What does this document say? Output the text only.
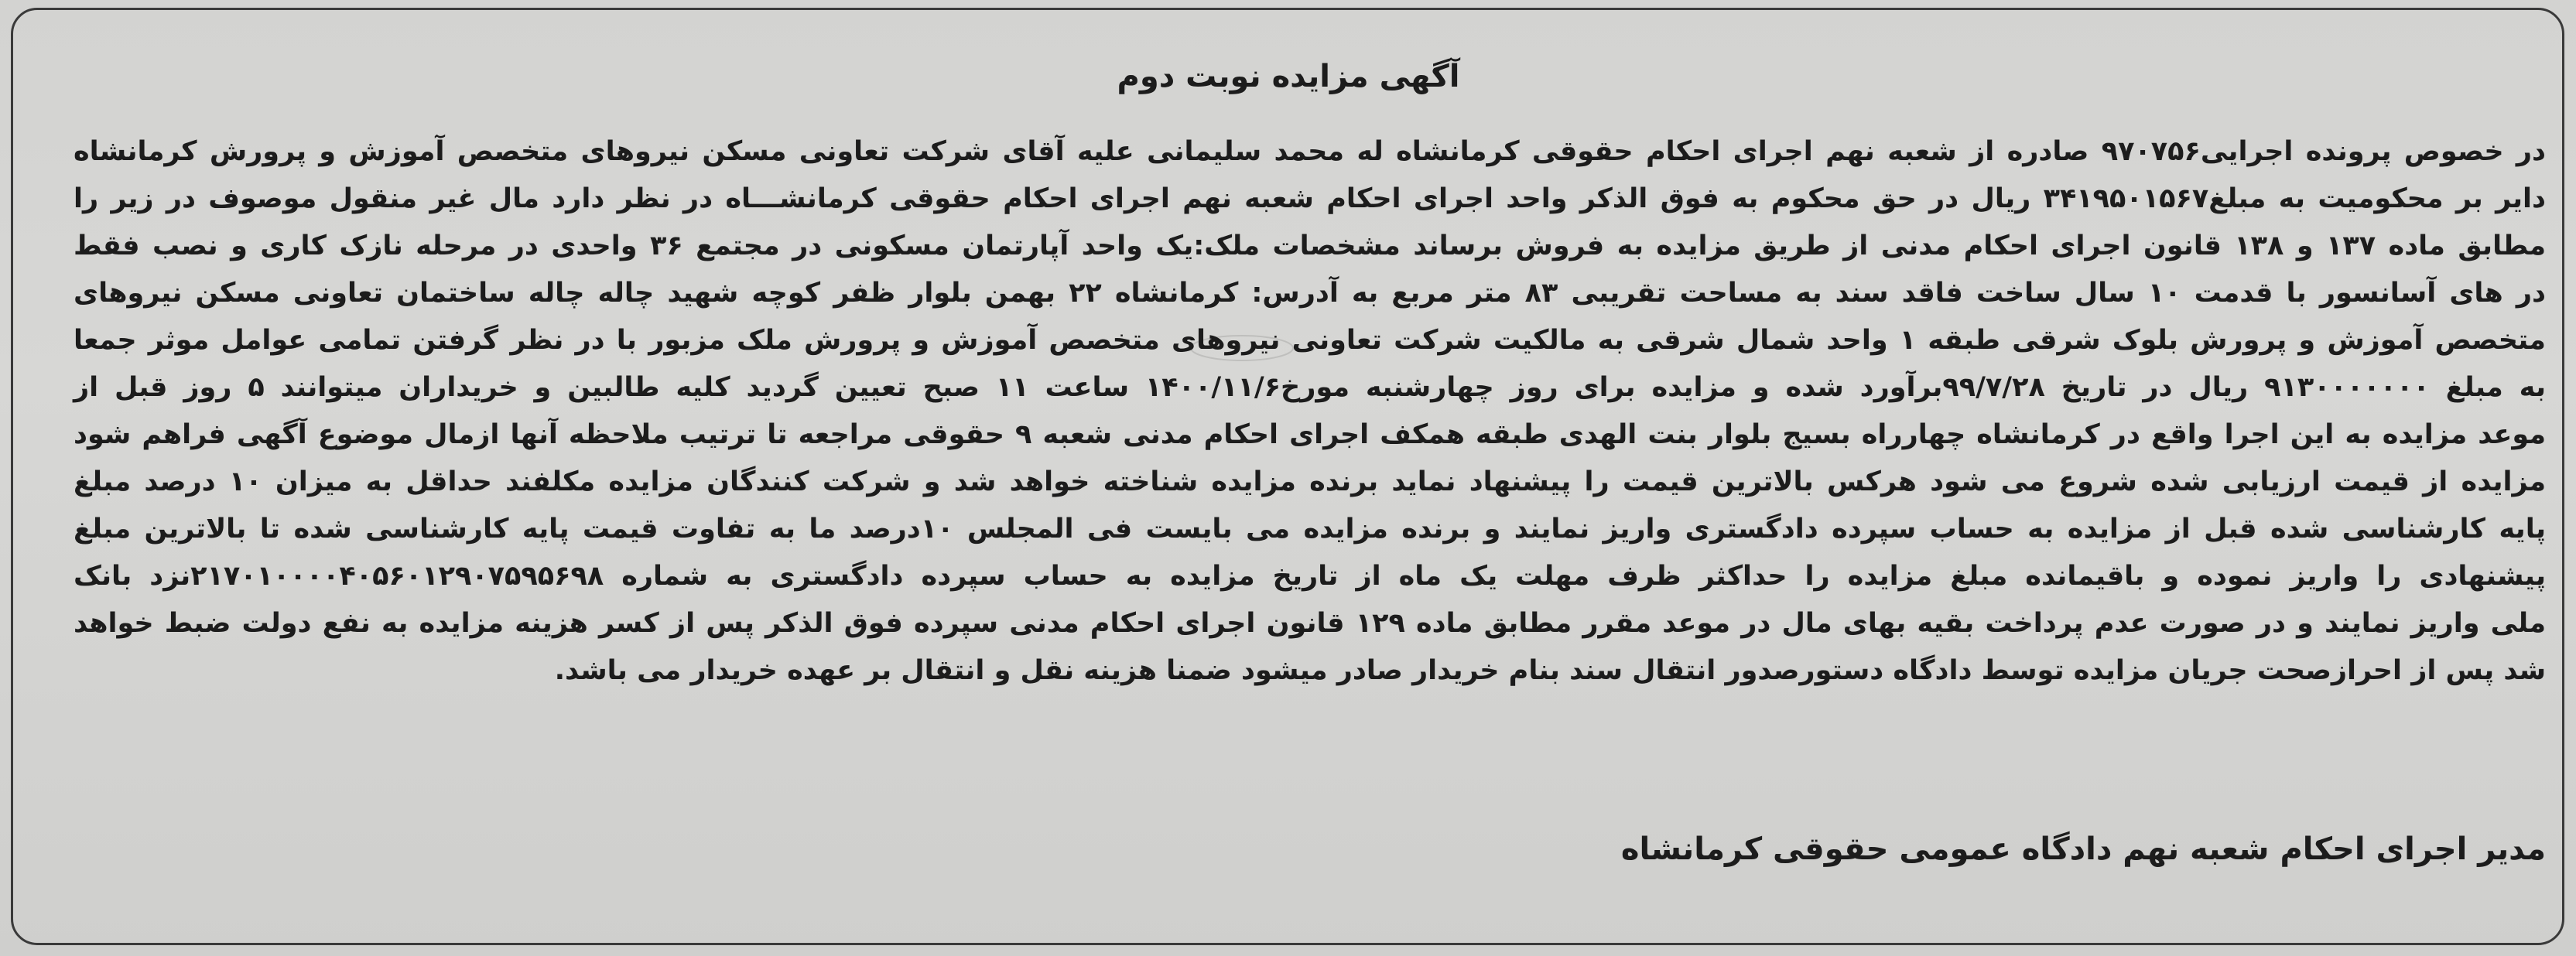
آگهی مزایده نوبت دوم
در خصوص پرونده اجرایی۹۷۰۷۵۶ صادره از شعبه نهم اجرای احکام حقوقی کرمانشاه له محمد سلیمانی علیه آقای شرکت تعاونی مسکن نیروهای متخصص آموزش و پرورش کرمانشاه
دایر بر محکومیت به مبلغ۳۴۱۹۵۰۱۵۶۷ ریال در حق محکوم به فوق الذکر واحد اجرای احکام شعبه نهم اجرای احکام حقوقی کرمانشـــاه در نظر دارد مال غیر منقول موصوف در زیر را
مطابق ماده ۱۳۷ و ۱۳۸ قانون اجرای احکام مدنی از طریق مزایده به فروش برساند مشخصات ملک:یک واحد آپارتمان مسکونی در مجتمع ۳۶ واحدی در مرحله نازک کاری و نصب فقط
در های آسانسور با قدمت ۱۰ سال ساخت فاقد سند به مساحت تقریبی ۸۳ متر مربع به آدرس: کرمانشاه ۲۲ بهمن بلوار ظفر کوچه شهید چاله چاله ساختمان تعاونی مسکن نیروهای
متخصص آموزش و پرورش بلوک شرقی طبقه ۱ واحد شمال شرقی به مالکیت شرکت تعاونی نیروهای متخصص آموزش و پرورش ملک مزبور با در نظر گرفتن تمامی عوامل موثر جمعا
به مبلغ ۹۱۳۰۰۰۰۰۰۰ ریال در تاریخ ۹۹/۷/۲۸برآورد شده و مزایده برای روز چهارشنبه مورخ۱۴۰۰/۱۱/۶ ساعت ۱۱ صبح تعیین گردید کلیه طالبین و خریداران میتوانند ۵ روز قبل از
موعد مزایده به این اجرا واقع در کرمانشاه چهارراه بسیج بلوار بنت الهدی طبقه همکف اجرای احکام مدنی شعبه ۹ حقوقی مراجعه تا ترتیب ملاحظه آنها ازمال موضوع آگهی فراهم شود
مزایده از قیمت ارزیابی شده شروع می شود هرکس بالاترین قیمت را پیشنهاد نماید برنده مزایده شناخته خواهد شد و شرکت کنندگان مزایده مکلفند حداقل به میزان ۱۰ درصد مبلغ
پایه کارشناسی شده قبل از مزایده به حساب سپرده دادگستری واریز نمایند و برنده مزایده می بایست فی المجلس ۱۰درصد ما به تفاوت قیمت پایه کارشناسی شده تا بالاترین مبلغ
پیشنهادی را واریز نموده و باقیمانده مبلغ مزایده را حداکثر ظرف مهلت یک ماه از تاریخ مزایده به حساب سپرده دادگستری به شماره ۲۱۷۰۱۰۰۰۰۴۰۵۶۰۱۲۹۰۷۵۹۵۶۹۸نزد بانک
ملی واریز نمایند و در صورت عدم پرداخت بقیه بهای مال در موعد مقرر مطابق ماده ۱۲۹ قانون اجرای احکام مدنی سپرده فوق الذکر پس از کسر هزینه مزایده به نفع دولت ضبط خواهد
شد پس از احرازصحت جریان مزایده توسط دادگاه دستورصدور انتقال سند بنام خریدار صادر میشود ضمنا هزینه نقل و انتقال بر عهده خریدار می باشد.
مدیر اجرای احکام شعبه نهم دادگاه عمومی حقوقی کرمانشاه
